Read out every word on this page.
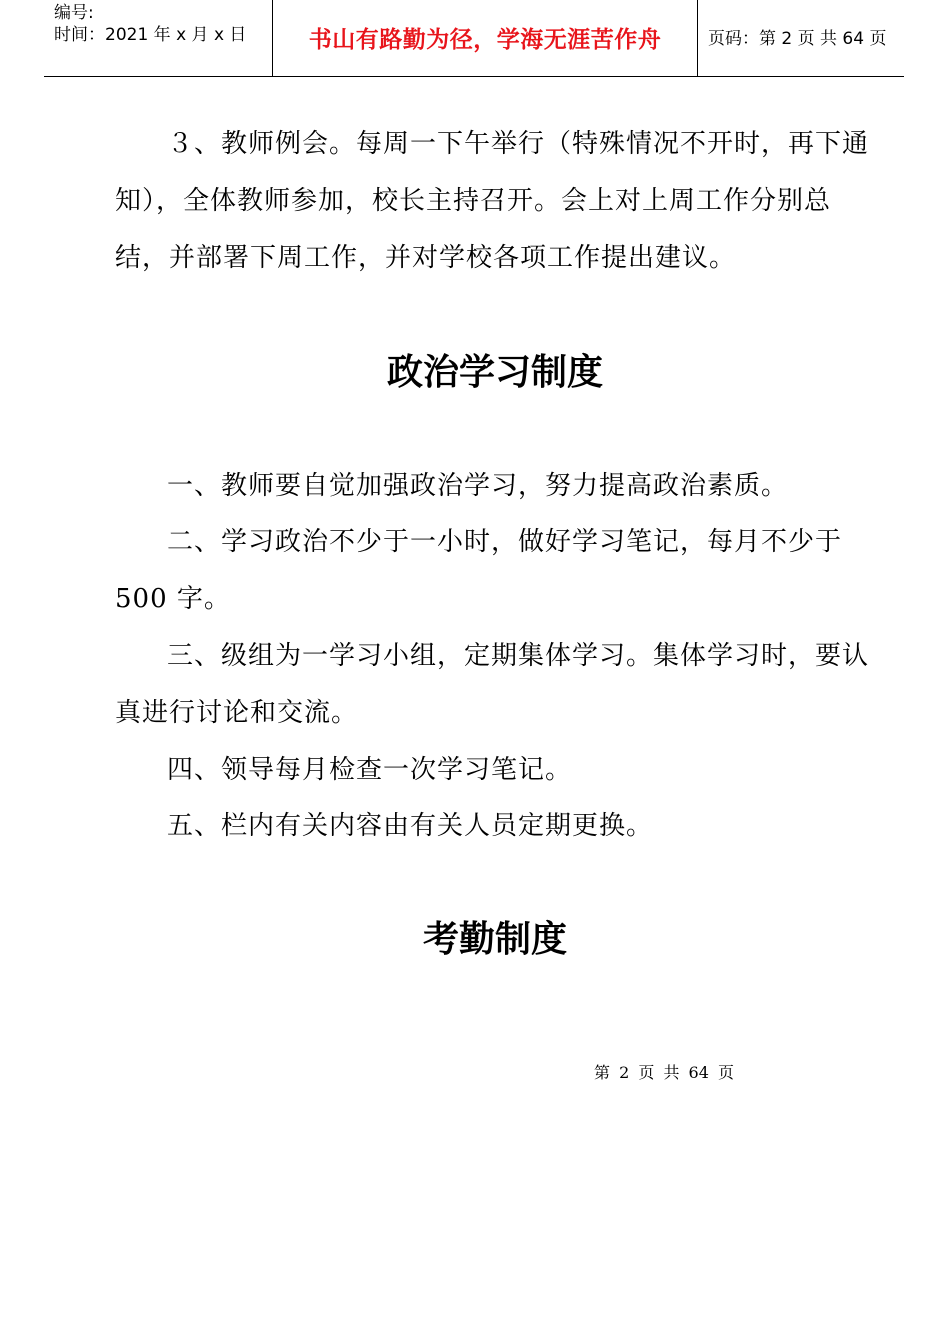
编号:
时间：2021 年 x 月 x 日	书山有路勤为径，学海无涯苦作舟	页码：第 2 页 共 64 页

３、教师例会。每周一下午举行（特殊情况不开时，再下通知），全体教师参加，校长主持召开。会上对上周工作分别总结，并部署下周工作，并对学校各项工作提出建议。

政治学习制度

一、教师要自觉加强政治学习，努力提高政治素质。

二、学习政治不少于一小时，做好学习笔记，每月不少于500 字。

三、级组为一学习小组，定期集体学习。集体学习时，要认真进行讨论和交流。

四、领导每月检查一次学习笔记。

五、栏内有关内容由有关人员定期更换。

考勤制度
第 2 页 共 64 页
